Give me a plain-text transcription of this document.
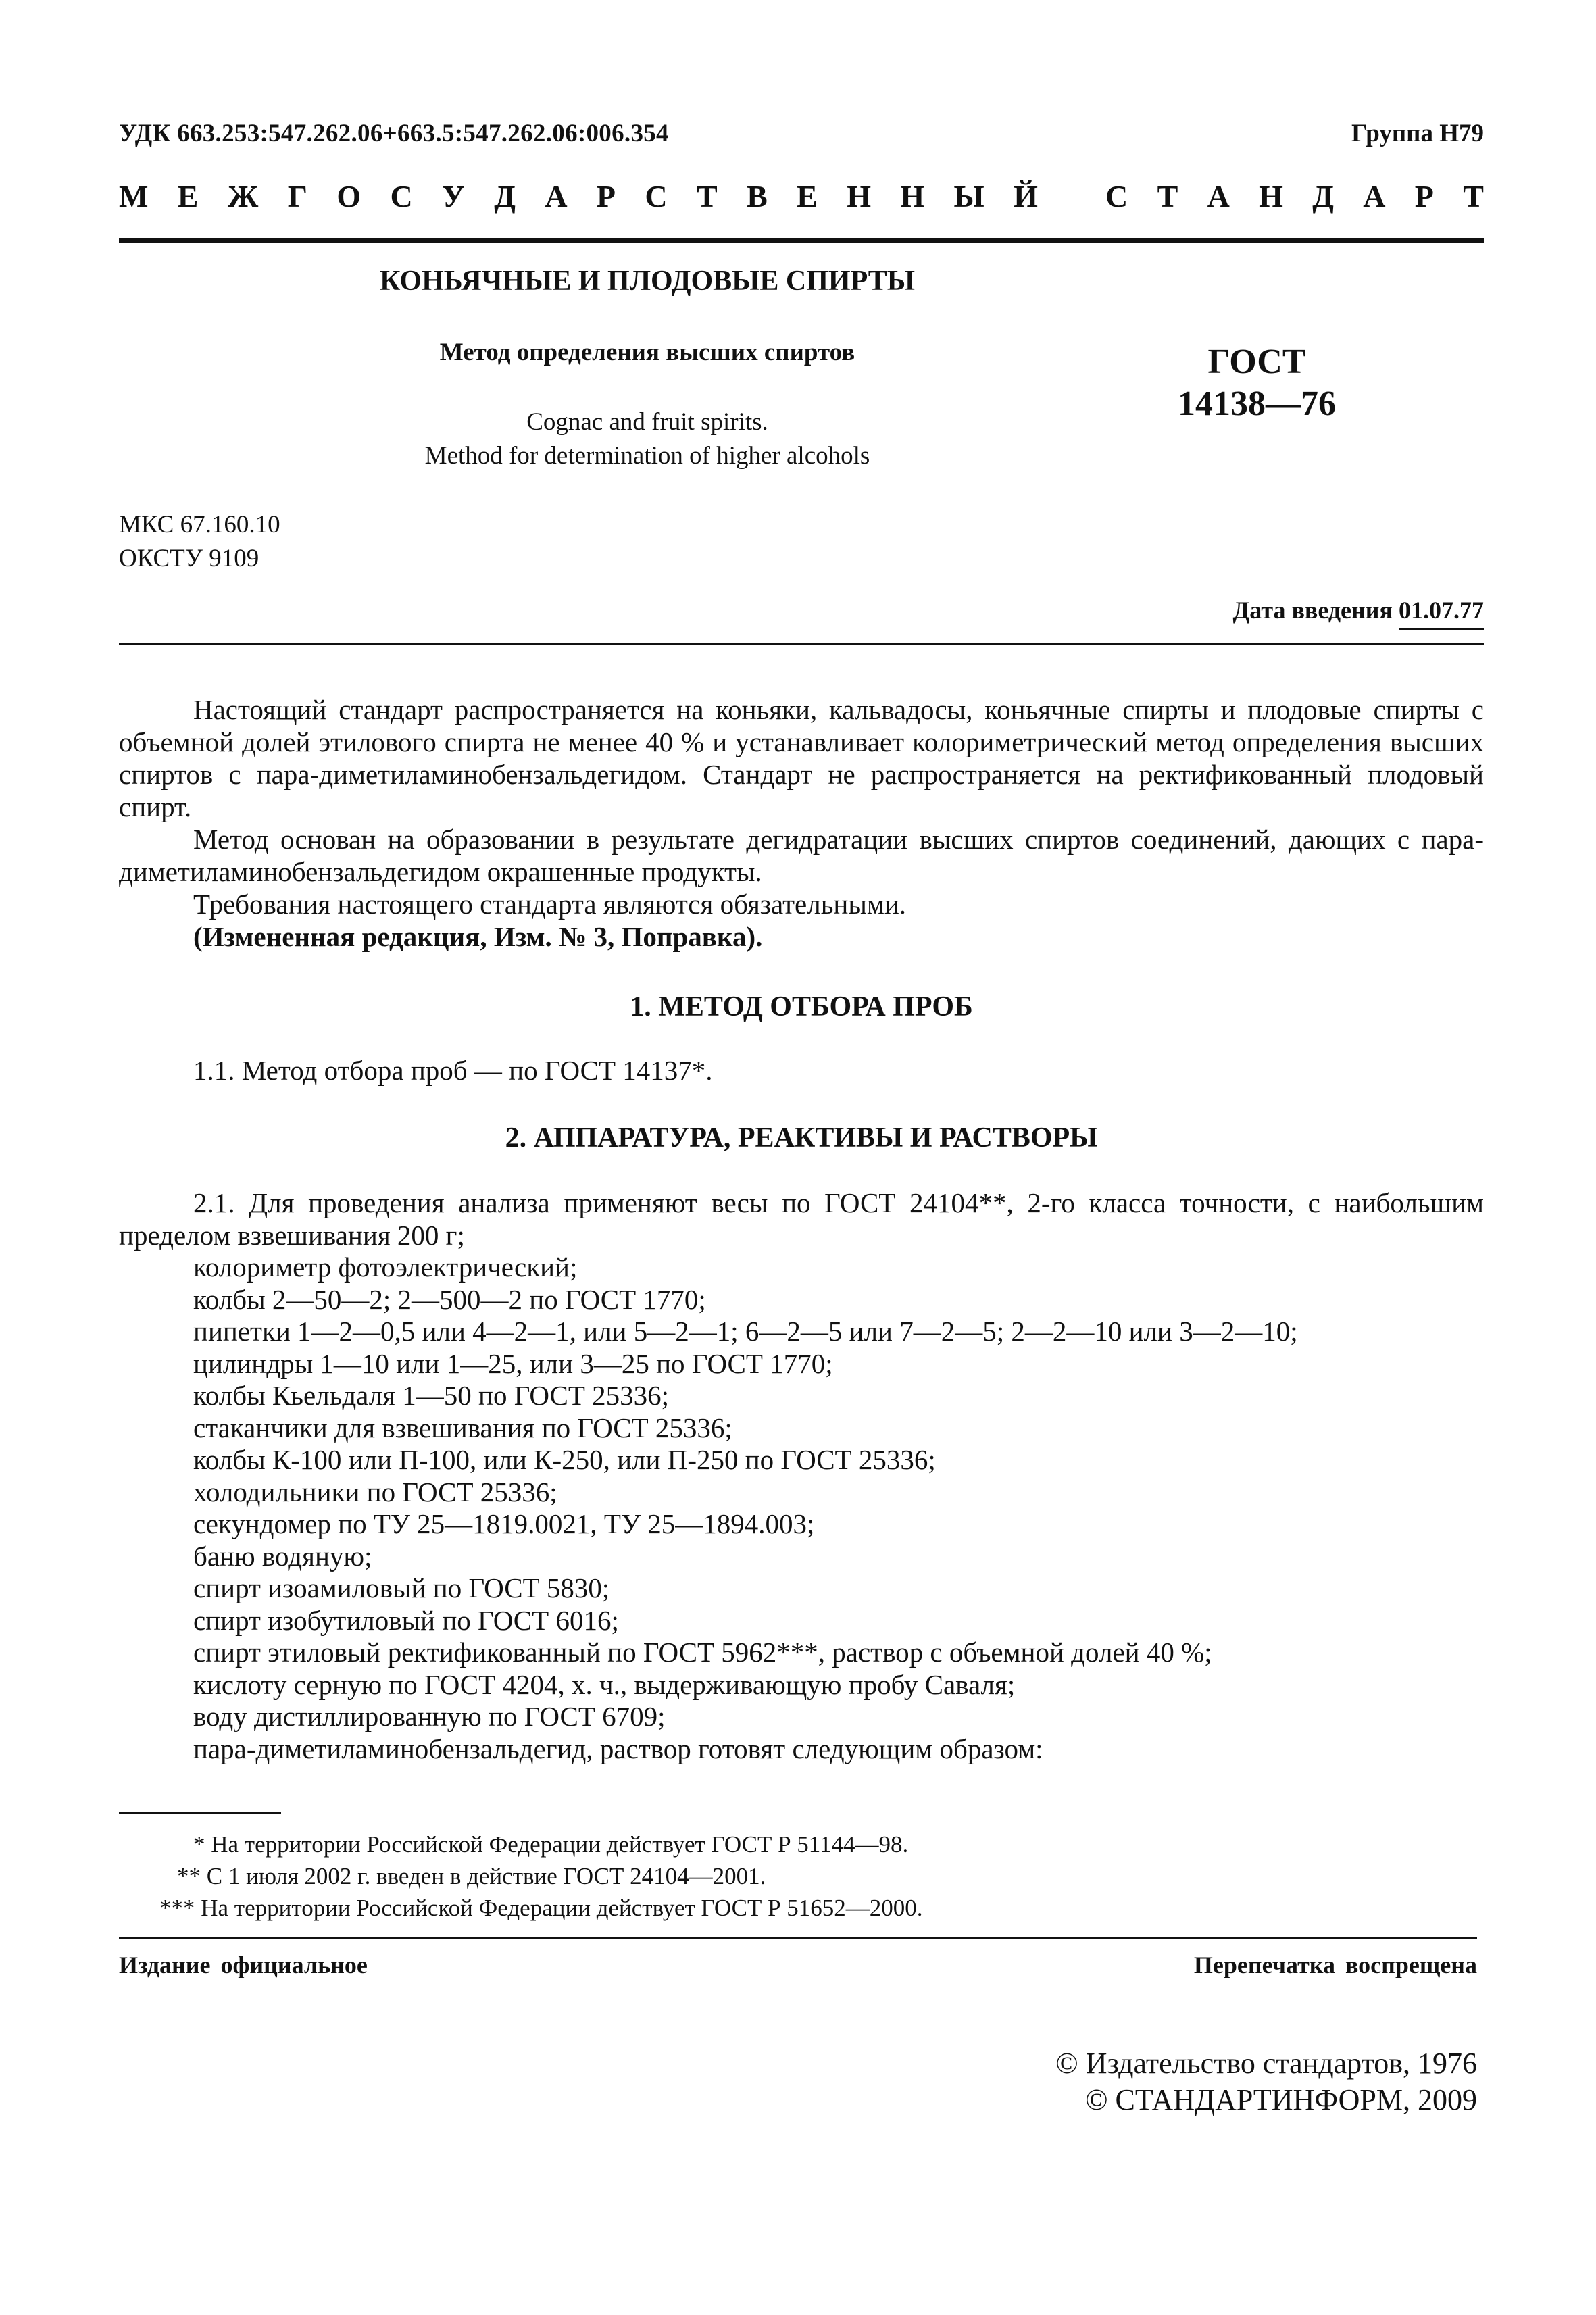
УДК 663.253:547.262.06+663.5:547.262.06:006.354	Группа Н79
М Е Ж Г О С У Д А Р С Т В Е Н Н Ы Й С Т А Н Д А Р Т
КОНЬЯЧНЫЕ И ПЛОДОВЫЕ СПИРТЫ
Метод определения высших спиртов
Cognac and fruit spirits.
Method for determination of higher alcohols
ГОСТ
14138—76
МКС 67.160.10
ОКСТУ 9109
Дата введения 01.07.77

Настоящий стандарт распространяется на коньяки, кальвадосы, коньячные спирты и плодовые спирты с объемной долей этилового спирта не менее 40 % и устанавливает колориметрический метод определения высших спиртов с пара-диметиламинобензальдегидом. Стандарт не распространяется на ректификованный плодовый спирт.

Метод основан на образовании в результате дегидратации высших спиртов соединений, дающих с пара-диметиламинобензальдегидом окрашенные продукты.

Требования настоящего стандарта являются обязательными.

(Измененная редакция, Изм. № 3, Поправка).

1. МЕТОД ОТБОРА ПРОБ
1.1. Метод отбора проб — по ГОСТ 14137*.
2. АППАРАТУРА, РЕАКТИВЫ И РАСТВОРЫ
2.1. Для проведения анализа применяют весы по ГОСТ 24104**, 2-го класса точности, с наибольшим пределом взвешивания 200 г;
колориметр фотоэлектрический;
колбы 2—50—2; 2—500—2 по ГОСТ 1770;
пипетки 1—2—0,5 или 4—2—1, или 5—2—1; 6—2—5 или 7—2—5; 2—2—10 или 3—2—10;
цилиндры 1—10 или 1—25, или 3—25 по ГОСТ 1770;
колбы Кьельдаля 1—50 по ГОСТ 25336;
стаканчики для взвешивания по ГОСТ 25336;
колбы К-100 или П-100, или К-250, или П-250 по ГОСТ 25336;
холодильники по ГОСТ 25336;
секундомер по ТУ 25—1819.0021, ТУ 25—1894.003;
баню водяную;
спирт изоамиловый по ГОСТ 5830;
спирт изобутиловый по ГОСТ 6016;
спирт этиловый ректификованный по ГОСТ 5962***, раствор с объемной долей 40 %;
кислоту серную по ГОСТ 4204, х. ч., выдерживающую пробу Саваля;
воду дистиллированную по ГОСТ 6709;
пара-диметиламинобензальдегид, раствор готовят следующим образом:
* На территории Российской Федерации действует ГОСТ Р 51144—98.
** С 1 июля 2002 г. введен в действие ГОСТ 24104—2001.
*** На территории Российской Федерации действует ГОСТ Р 51652—2000.
Издание официальное	Перепечатка воспрещена
© Издательство стандартов, 1976
© СТАНДАРТИНФОРМ, 2009
